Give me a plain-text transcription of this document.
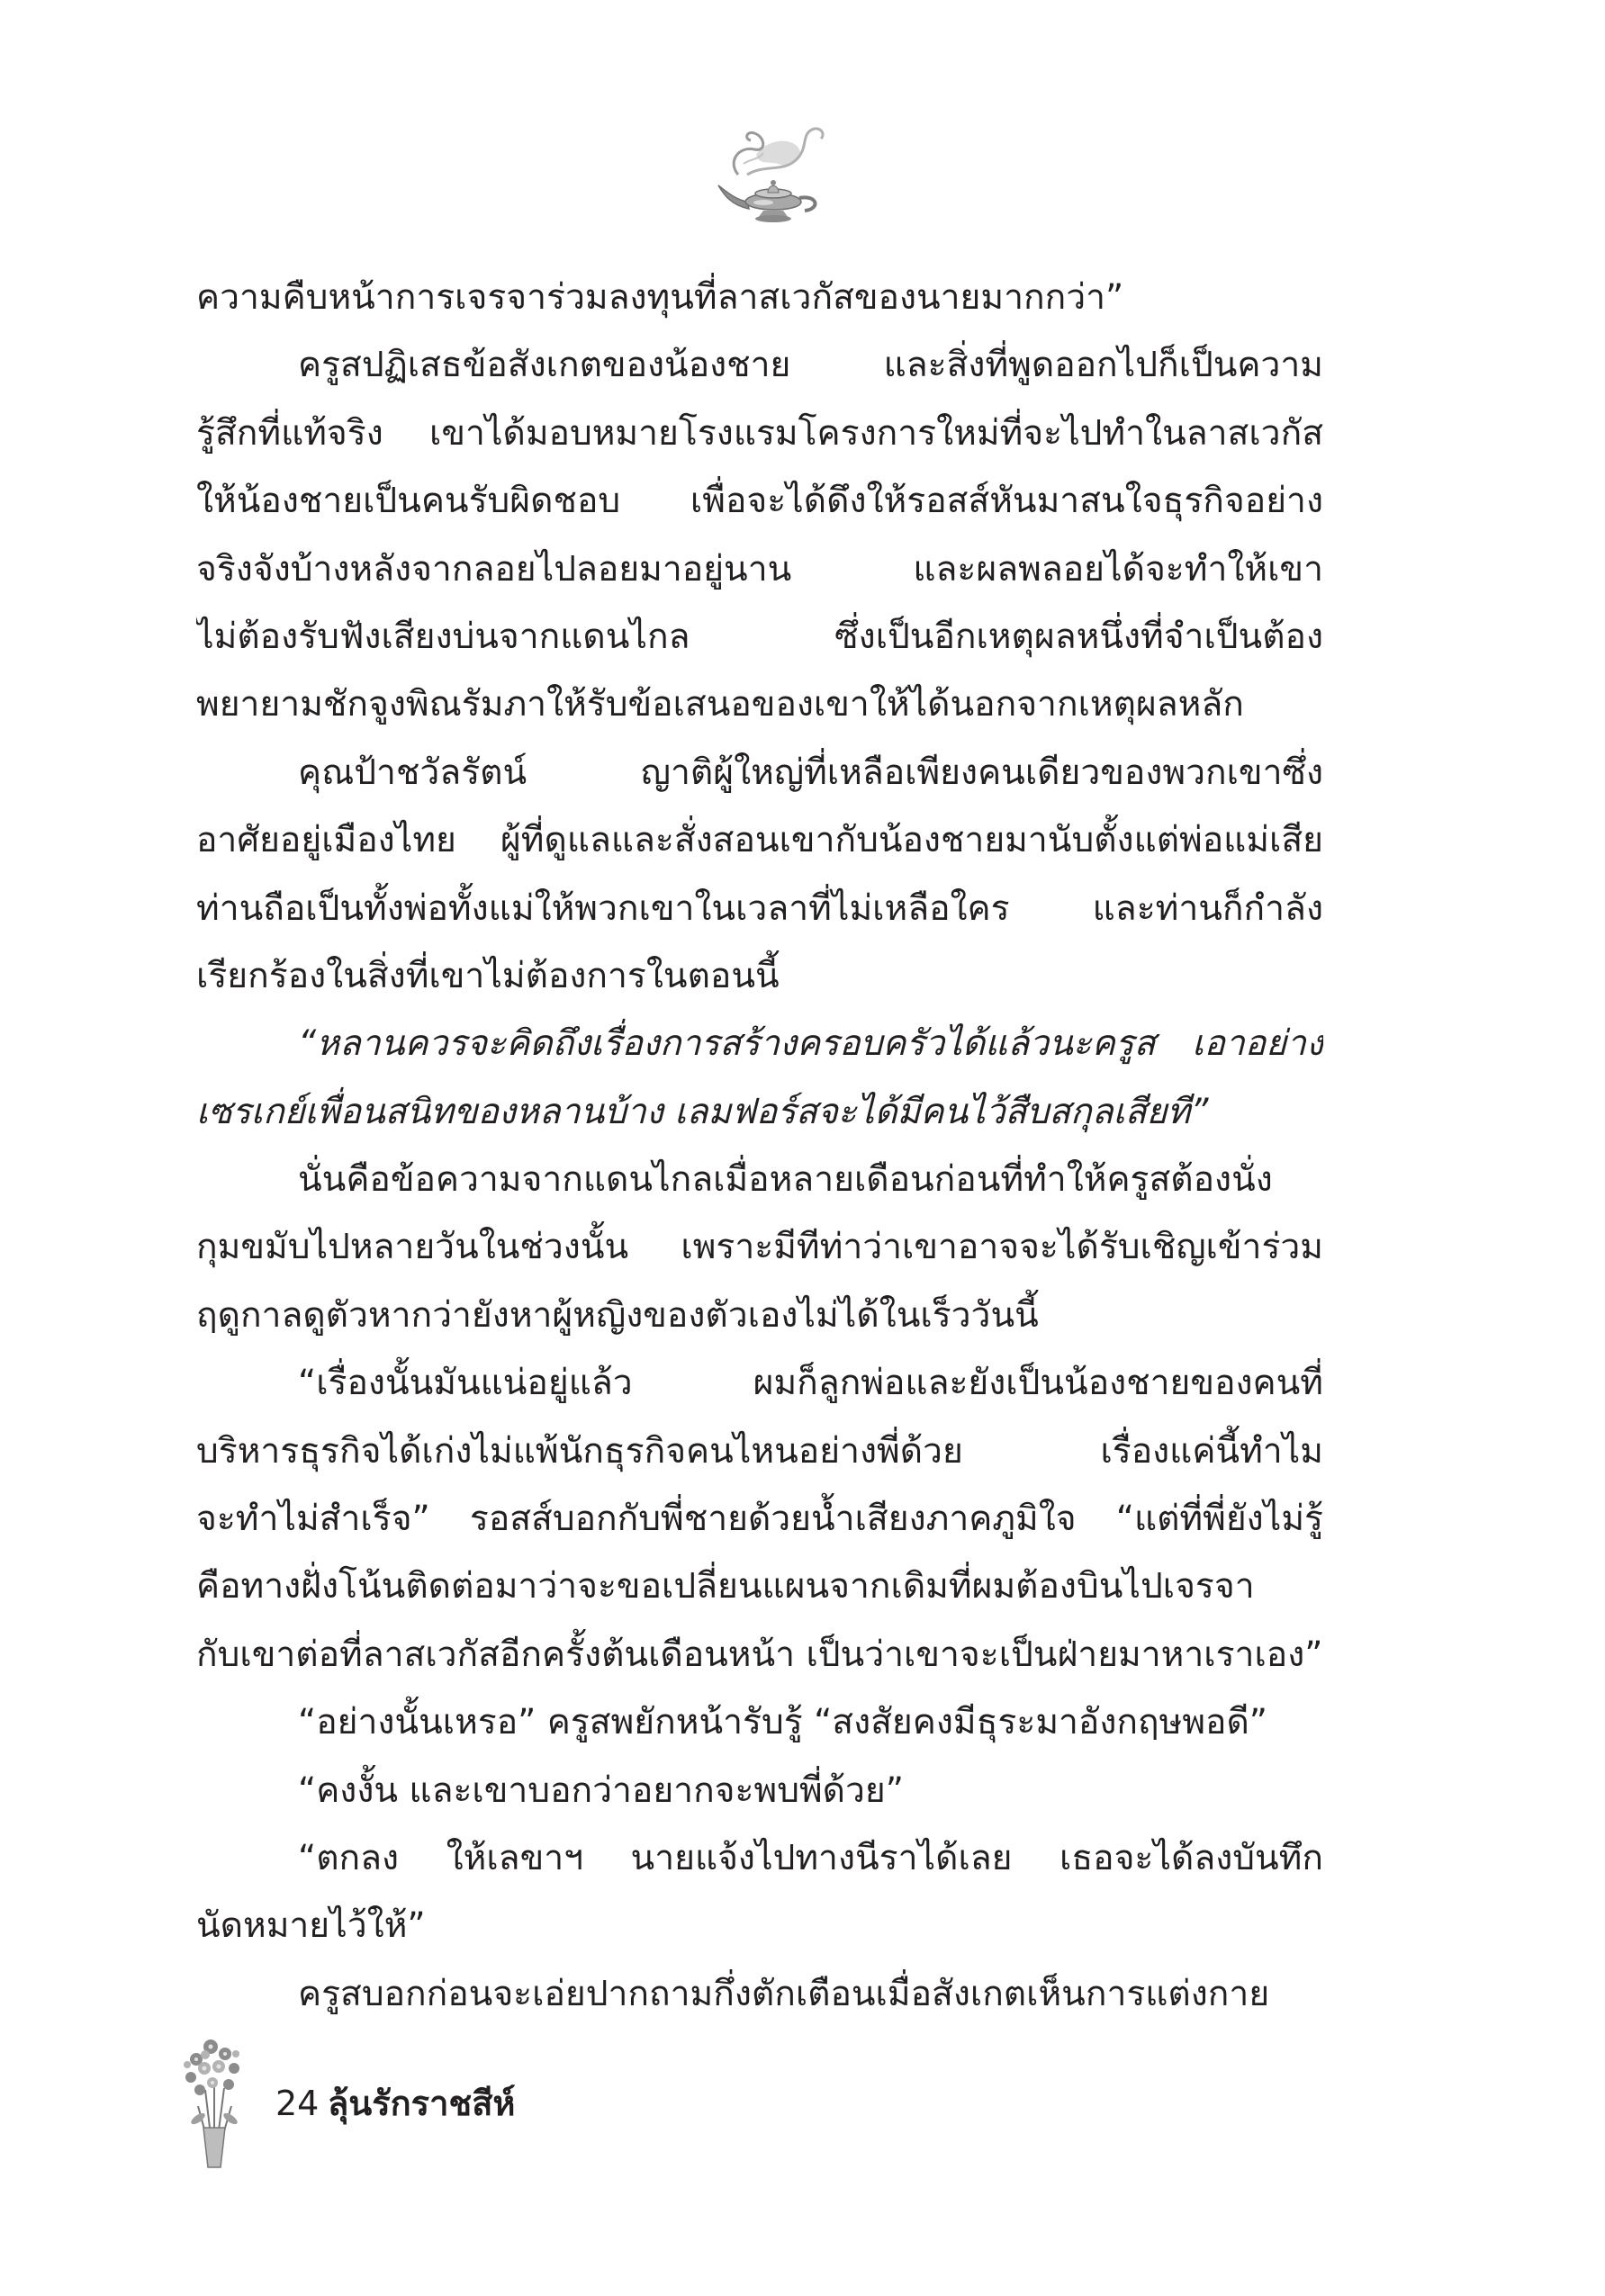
ความคืบหน้าการเจรจาร่วมลงทุนที่ลาสเวกัสของนายมากกว่า”
ครูสปฏิเสธข้อสังเกตของน้องชาย และสิ่งที่พูดออกไปก็เป็นความ
รู้สึกที่แท้จริง เขาได้มอบหมายโรงแรมโครงการใหม่ที่จะไปทำในลาสเวกัส
ให้น้องชายเป็นคนรับผิดชอบ เพื่อจะได้ดึงให้รอสส์หันมาสนใจธุรกิจอย่าง
จริงจังบ้างหลังจากลอยไปลอยมาอยู่นาน และผลพลอยได้จะทำให้เขา
ไม่ต้องรับฟังเสียงบ่นจากแดนไกล ซึ่งเป็นอีกเหตุผลหนึ่งที่จำเป็นต้อง
พยายามชักจูงพิณรัมภาให้รับข้อเสนอของเขาให้ได้นอกจากเหตุผลหลัก
คุณป้าชวัลรัตน์ ญาติผู้ใหญ่ที่เหลือเพียงคนเดียวของพวกเขาซึ่ง
อาศัยอยู่เมืองไทย ผู้ที่ดูแลและสั่งสอนเขากับน้องชายมานับตั้งแต่พ่อแม่เสีย
ท่านถือเป็นทั้งพ่อทั้งแม่ให้พวกเขาในเวลาที่ไม่เหลือใคร และท่านก็กำลัง
เรียกร้องในสิ่งที่เขาไม่ต้องการในตอนนี้
“หลานควรจะคิดถึงเรื่องการสร้างครอบครัวได้แล้วนะครูส เอาอย่าง
เซรเกย์เพื่อนสนิทของหลานบ้าง เลมฟอร์สจะได้มีคนไว้สืบสกุลเสียที”
นั่นคือข้อความจากแดนไกลเมื่อหลายเดือนก่อนที่ทำให้ครูสต้องนั่ง
กุมขมับไปหลายวันในช่วงนั้น เพราะมีทีท่าว่าเขาอาจจะได้รับเชิญเข้าร่วม
ฤดูกาลดูตัวหากว่ายังหาผู้หญิงของตัวเองไม่ได้ในเร็ววันนี้
“เรื่องนั้นมันแน่อยู่แล้ว ผมก็ลูกพ่อและยังเป็นน้องชายของคนที่
บริหารธุรกิจได้เก่งไม่แพ้นักธุรกิจคนไหนอย่างพี่ด้วย เรื่องแค่นี้ทำไม
จะทำไม่สำเร็จ” รอสส์บอกกับพี่ชายด้วยน้ำเสียงภาคภูมิใจ “แต่ที่พี่ยังไม่รู้
คือทางฝั่งโน้นติดต่อมาว่าจะขอเปลี่ยนแผนจากเดิมที่ผมต้องบินไปเจรจา
กับเขาต่อที่ลาสเวกัสอีกครั้งต้นเดือนหน้า เป็นว่าเขาจะเป็นฝ่ายมาหาเราเอง”
“อย่างนั้นเหรอ” ครูสพยักหน้ารับรู้ “สงสัยคงมีธุระมาอังกฤษพอดี”
“คงงั้น และเขาบอกว่าอยากจะพบพี่ด้วย”
“ตกลง ให้เลขาฯ นายแจ้งไปทางนีราได้เลย เธอจะได้ลงบันทึก
นัดหมายไว้ให้”
ครูสบอกก่อนจะเอ่ยปากถามกึ่งตักเตือนเมื่อสังเกตเห็นการแต่งกาย
24 ลุ้นรักราชสีห์
